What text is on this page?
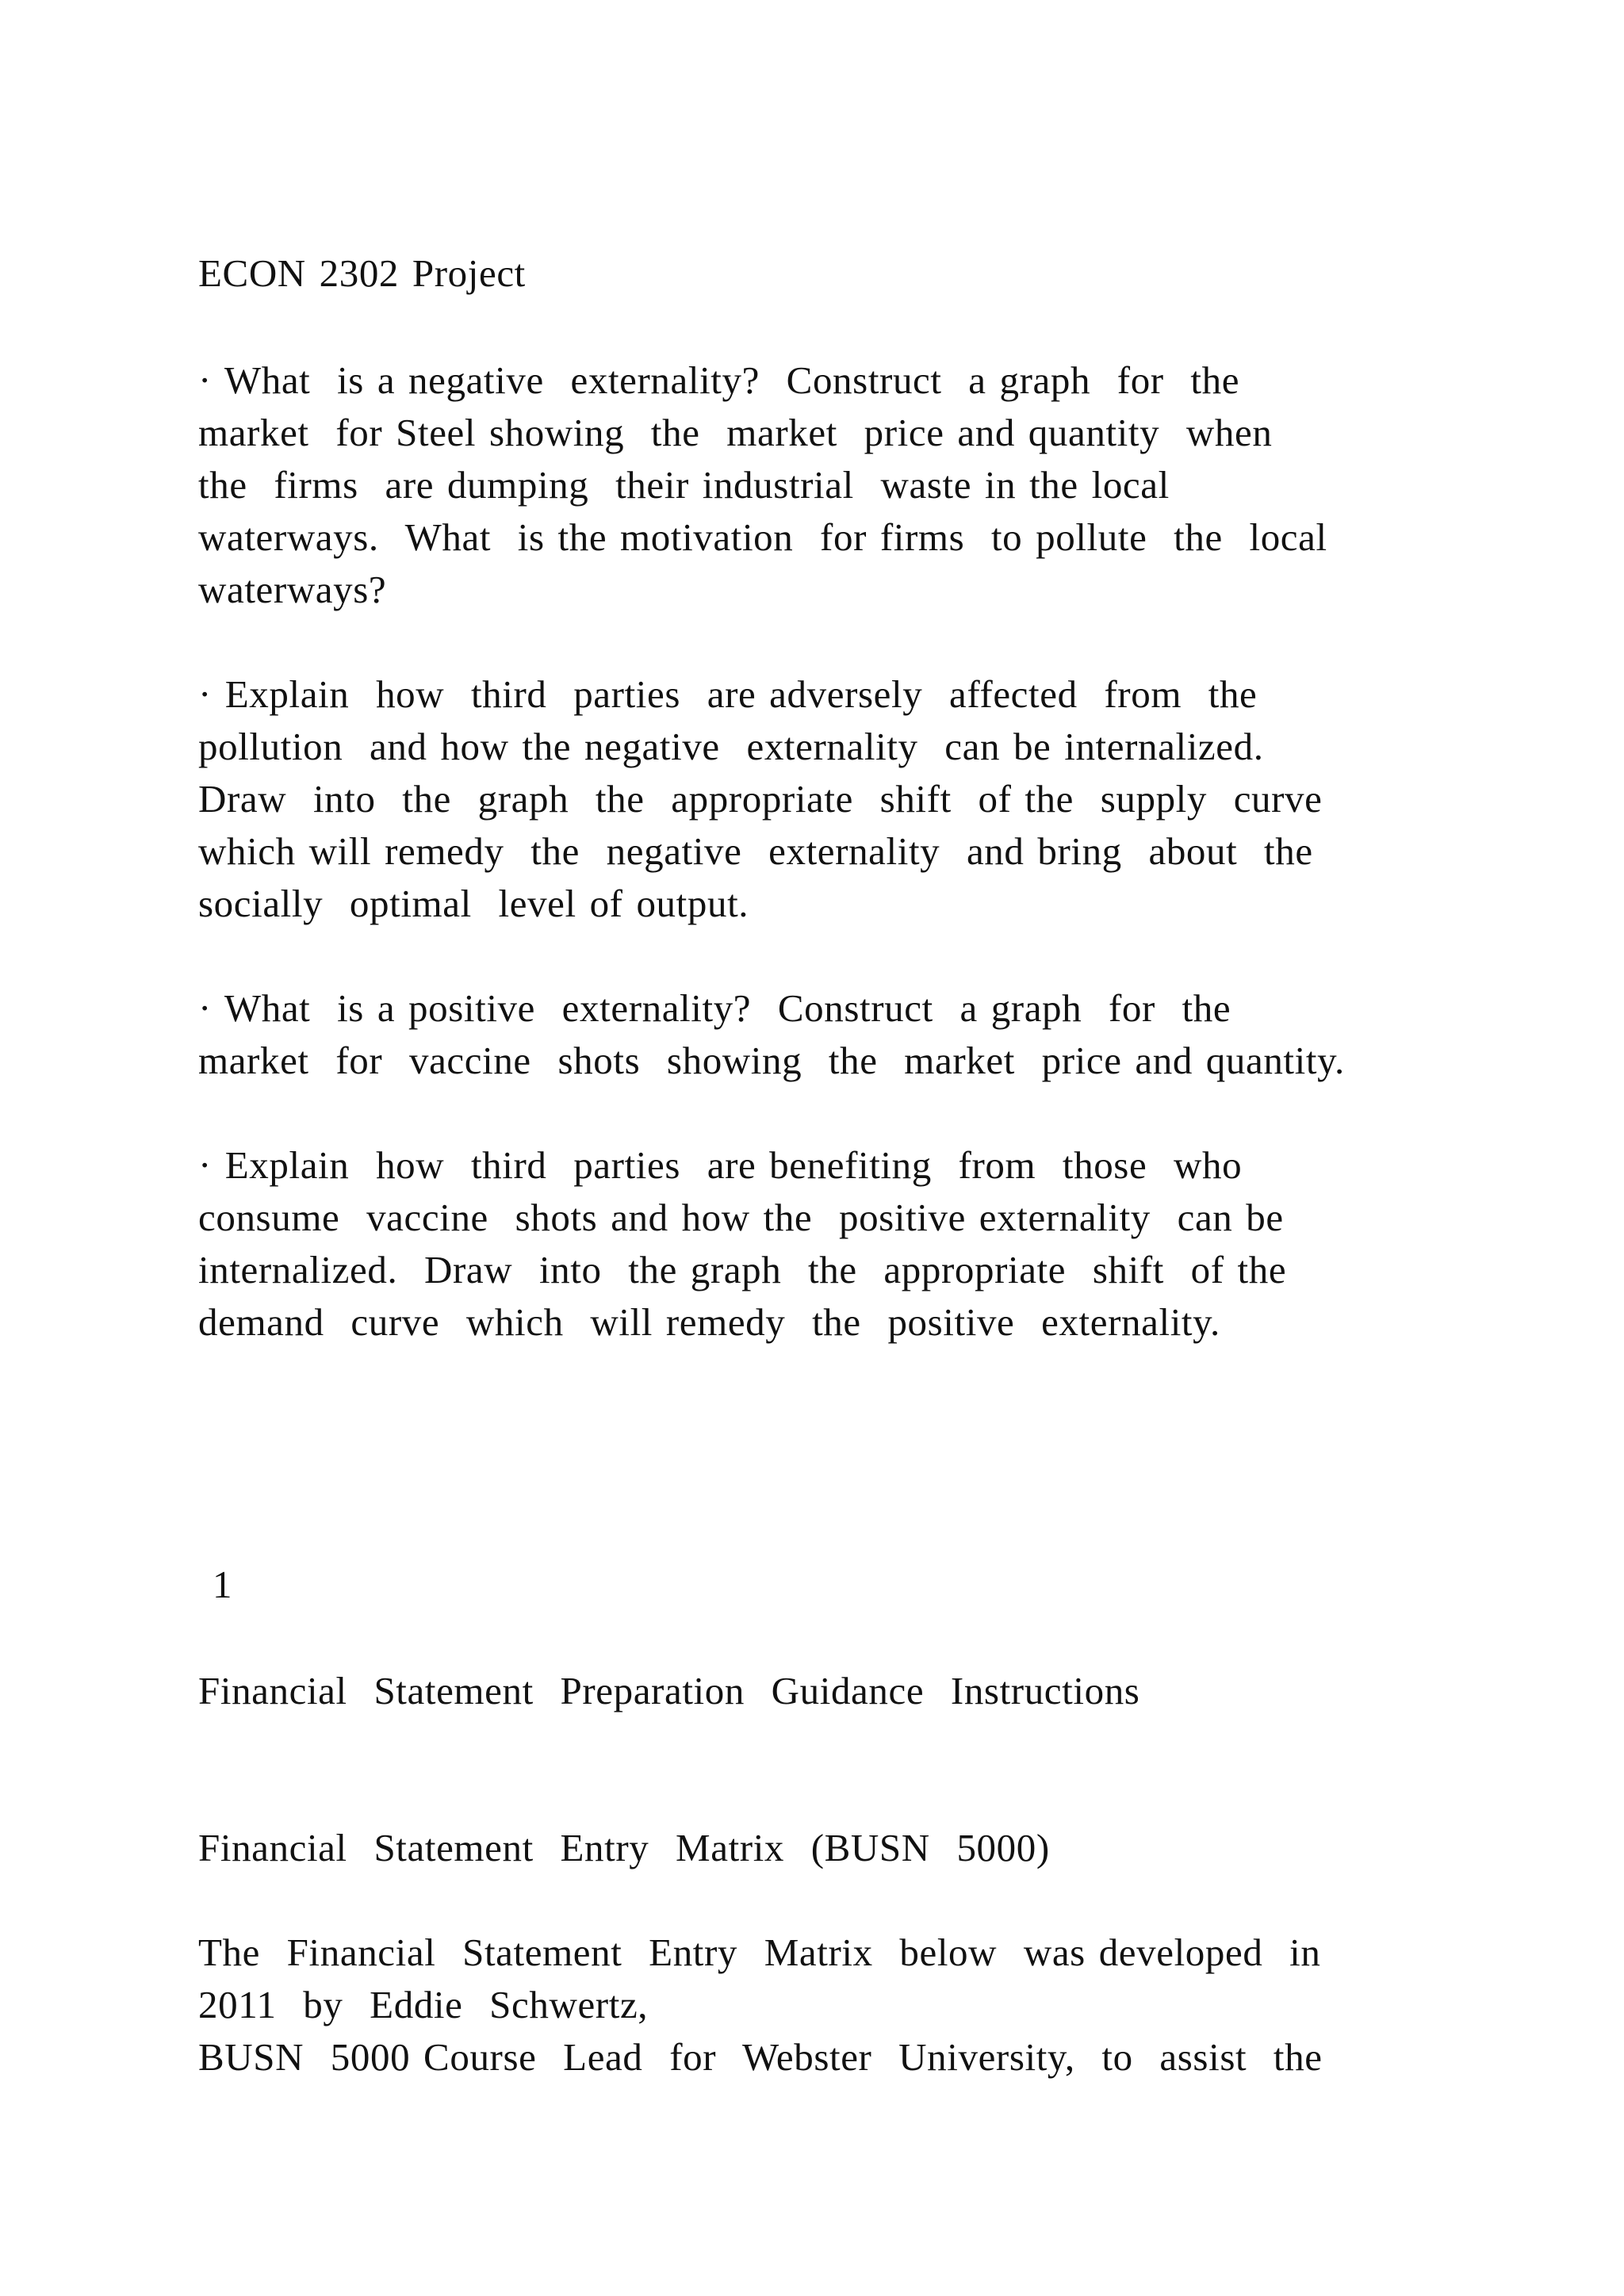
ECON 2302 Project
· What  is a negative  externality?  Construct  a graph  for  the
market  for Steel showing  the  market  price and quantity  when
the  firms  are dumping  their industrial  waste in the local
waterways.  What  is the motivation  for firms  to pollute  the  local
waterways?
· Explain  how  third  parties  are adversely  affected  from  the
pollution  and how the negative  externality  can be internalized.
Draw  into  the  graph  the  appropriate  shift  of the  supply  curve
which will remedy  the  negative  externality  and bring  about  the
socially  optimal  level of output.
· What  is a positive  externality?  Construct  a graph  for  the
market  for  vaccine  shots  showing  the  market  price and quantity.
· Explain  how  third  parties  are benefiting  from  those  who
consume  vaccine  shots and how the  positive externality  can be
internalized.  Draw  into  the graph  the  appropriate  shift  of the
demand  curve  which  will remedy  the  positive  externality.
1
Financial  Statement  Preparation  Guidance  Instructions
Financial  Statement  Entry  Matrix  (BUSN  5000)
The  Financial  Statement  Entry  Matrix  below  was developed  in
2011  by  Eddie  Schwertz,
BUSN  5000 Course  Lead  for  Webster  University,  to  assist  the
